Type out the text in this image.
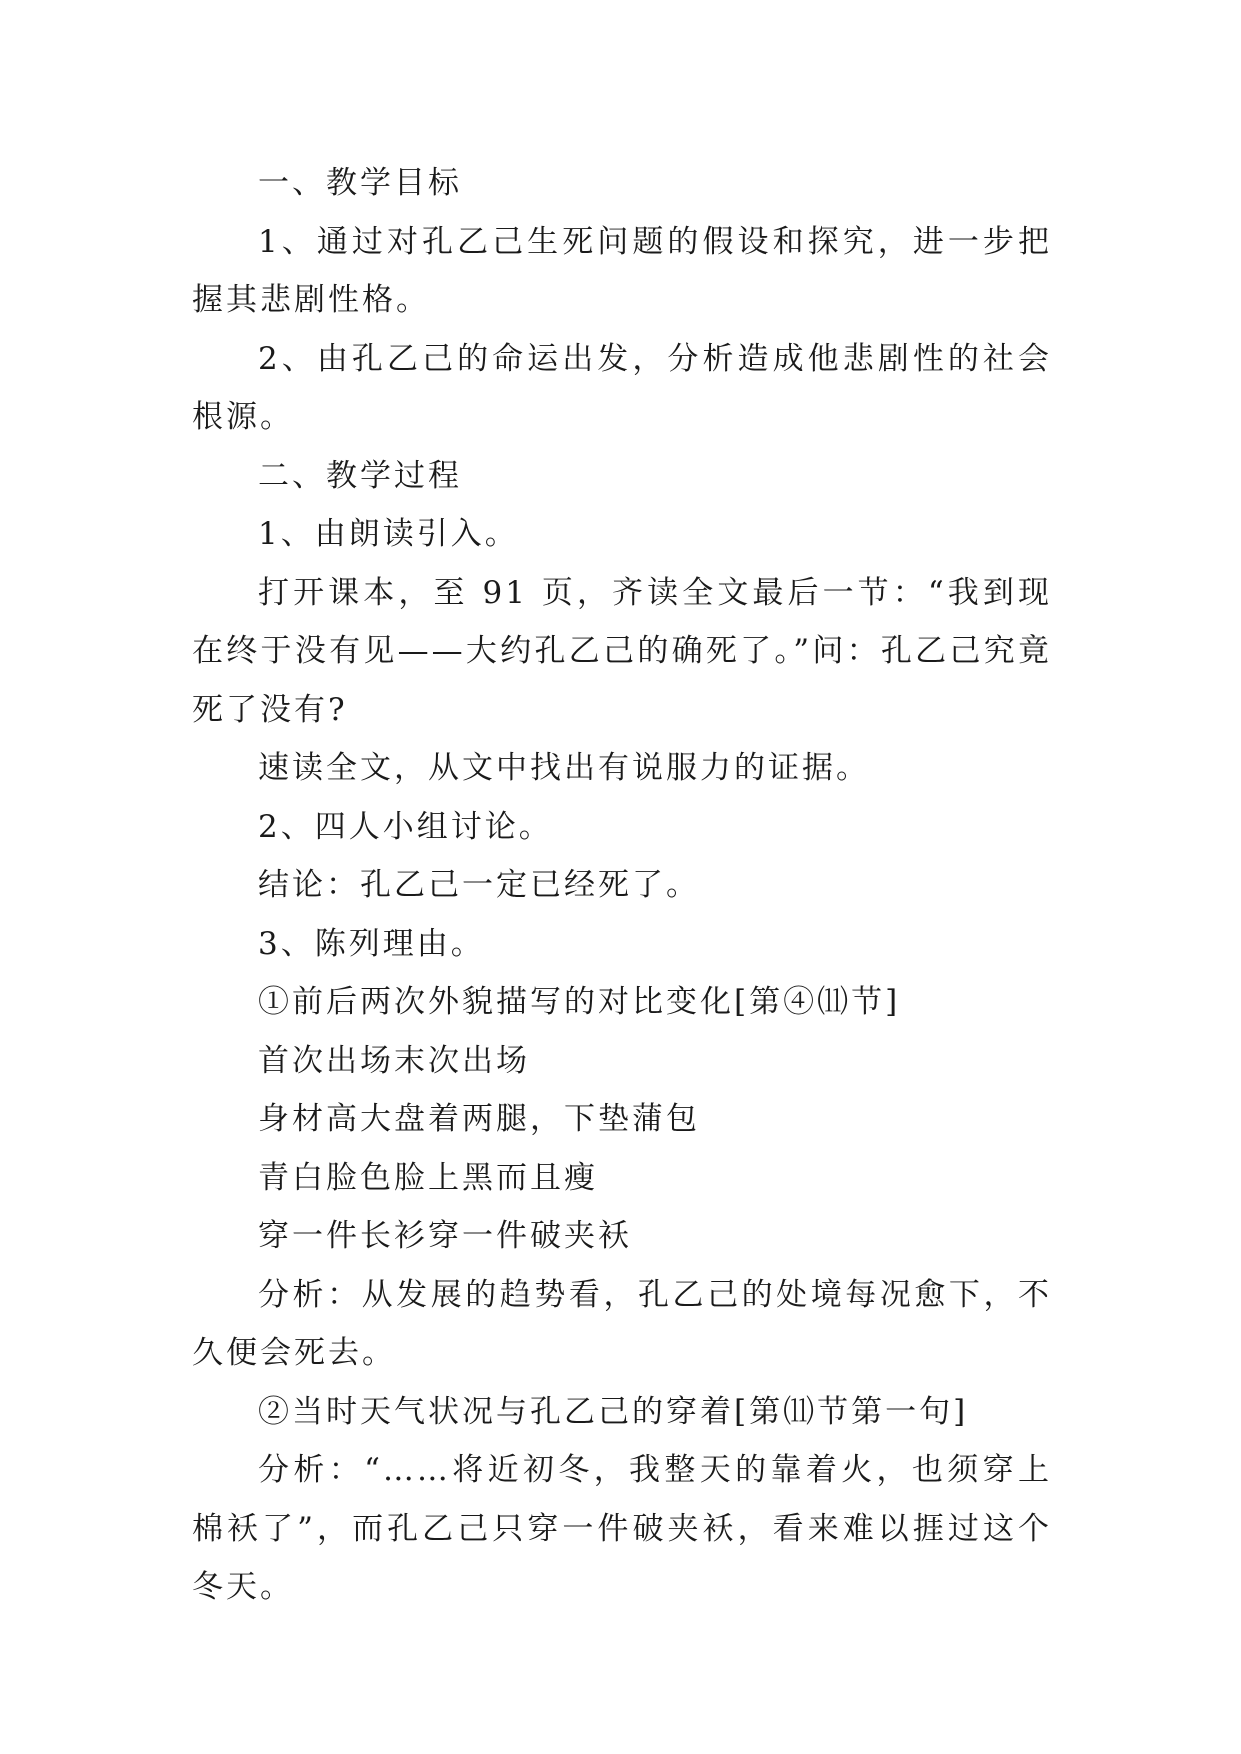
一、教学目标

1、通过对孔乙己生死问题的假设和探究，进一步把握其悲剧性格。

2、由孔乙己的命运出发，分析造成他悲剧性的社会根源。

二、教学过程

1、由朗读引入。

打开课本，至 91 页，齐读全文最后一节：“我到现在终于没有见——大约孔乙己的确死了。”问：孔乙己究竟死了没有?

速读全文，从文中找出有说服力的证据。

2、四人小组讨论。

结论：孔乙己一定已经死了。

3、陈列理由。

①前后两次外貌描写的对比变化[第④⑾节]

首次出场末次出场

身材高大盘着两腿，下垫蒲包

青白脸色脸上黑而且瘦

穿一件长衫穿一件破夹袄

分析：从发展的趋势看，孔乙己的处境每况愈下，不久便会死去。

②当时天气状况与孔乙己的穿着[第⑾节第一句]

分析：“……将近初冬，我整天的靠着火，也须穿上棉袄了”，而孔乙己只穿一件破夹袄，看来难以捱过这个冬天。
